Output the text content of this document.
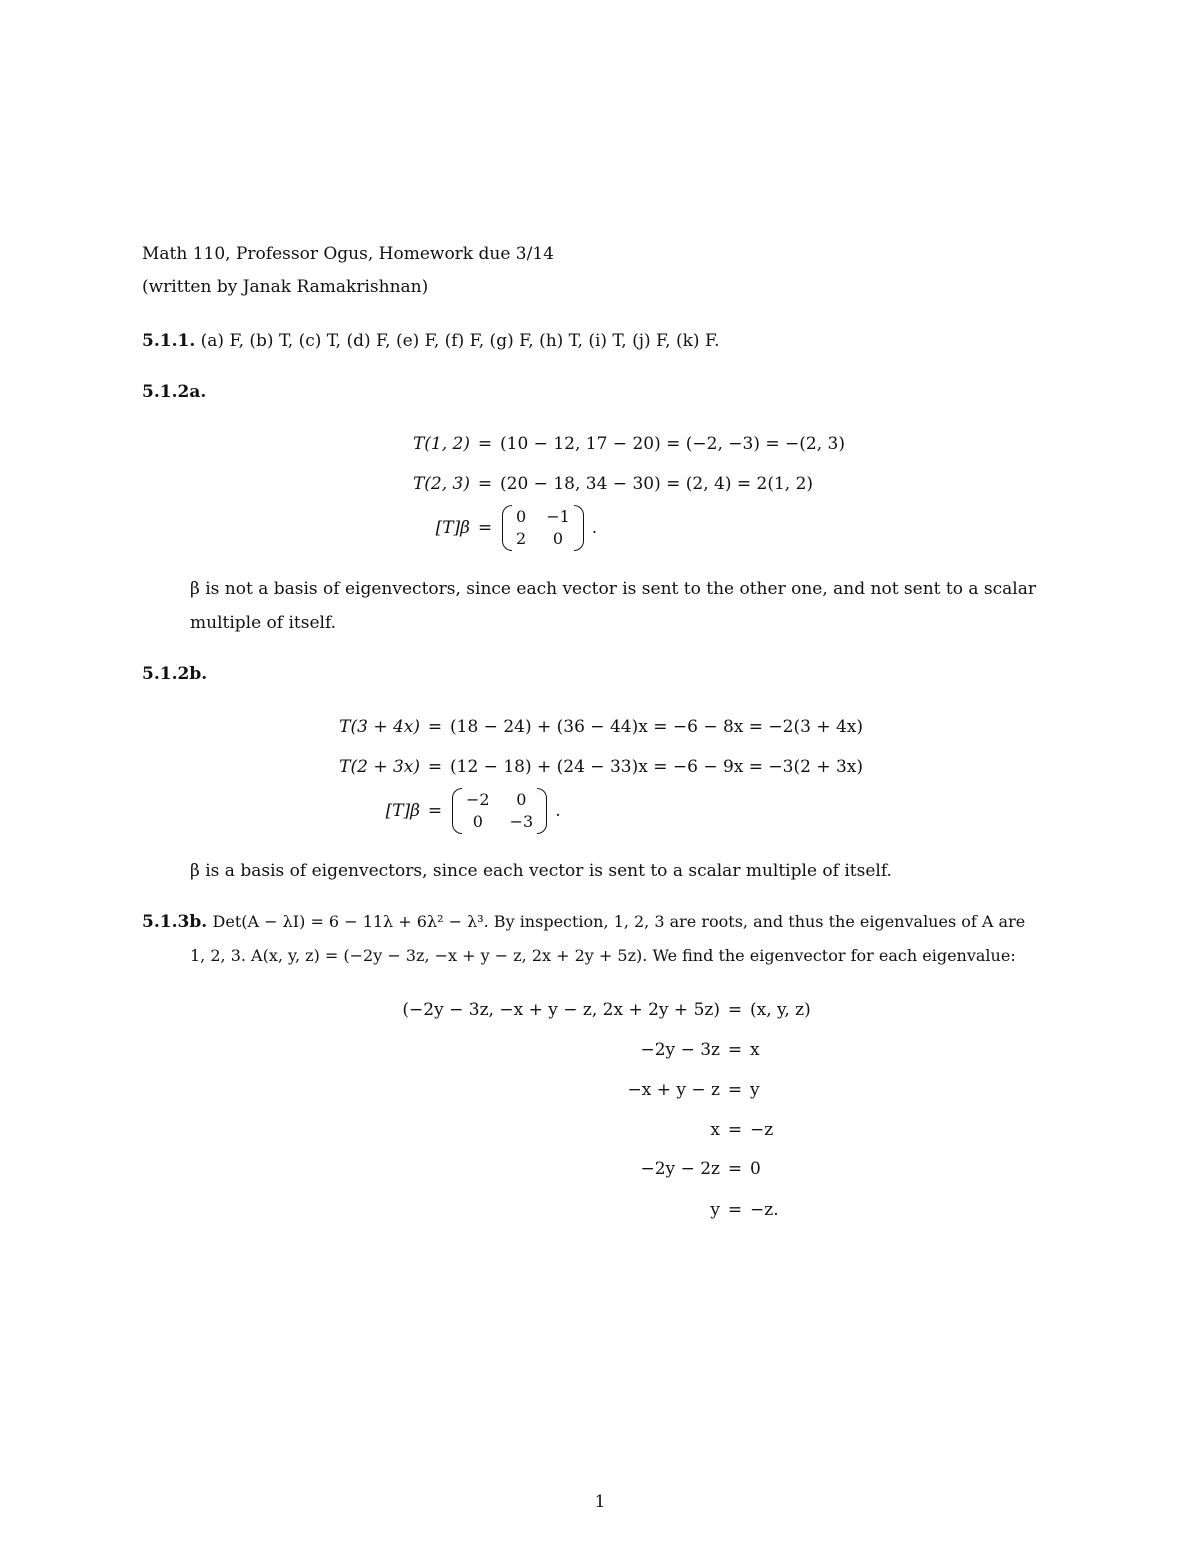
Math 110, Professor Ogus, Homework due 3/14
(written by Janak Ramakrishnan)
5.1.1. (a) F, (b) T, (c) T, (d) F, (e) F, (f) F, (g) F, (h) T, (i) T, (j) F, (k) F.
5.1.2a.
T(1, 2) = (10 − 12, 17 − 20) = (−2, −3) = −(2, 3)
T(2, 3) = (20 − 18, 34 − 30) = (2, 4) = 2(1, 2)
[T]β =
0 −1
2	0
.
β is not a basis of eigenvectors, since each vector is sent to the other one, and not sent to a scalar
multiple of itself.
5.1.2b.
T(3 + 4x) = (18 − 24) + (36 − 44)x = −6 − 8x = −2(3 + 4x)
T(2 + 3x) = (12 − 18) + (24 − 33)x = −6 − 9x = −3(2 + 3x)
[T]β =
−2	0
0	−3
.
β is a basis of eigenvectors, since each vector is sent to a scalar multiple of itself.
5.1.3b. Det(A − λI) = 6 − 11λ + 6λ² − λ³. By inspection, 1, 2, 3 are roots, and thus the eigenvalues of A are
1, 2, 3. A(x, y, z) = (−2y − 3z, −x + y − z, 2x + 2y + 5z). We find the eigenvector for each eigenvalue:
(−2y − 3z, −x + y − z, 2x + 2y + 5z) = (x, y, z)
−2y − 3z = x
−x + y − z = y
x = −z
−2y − 2z = 0
y = −z.
1
